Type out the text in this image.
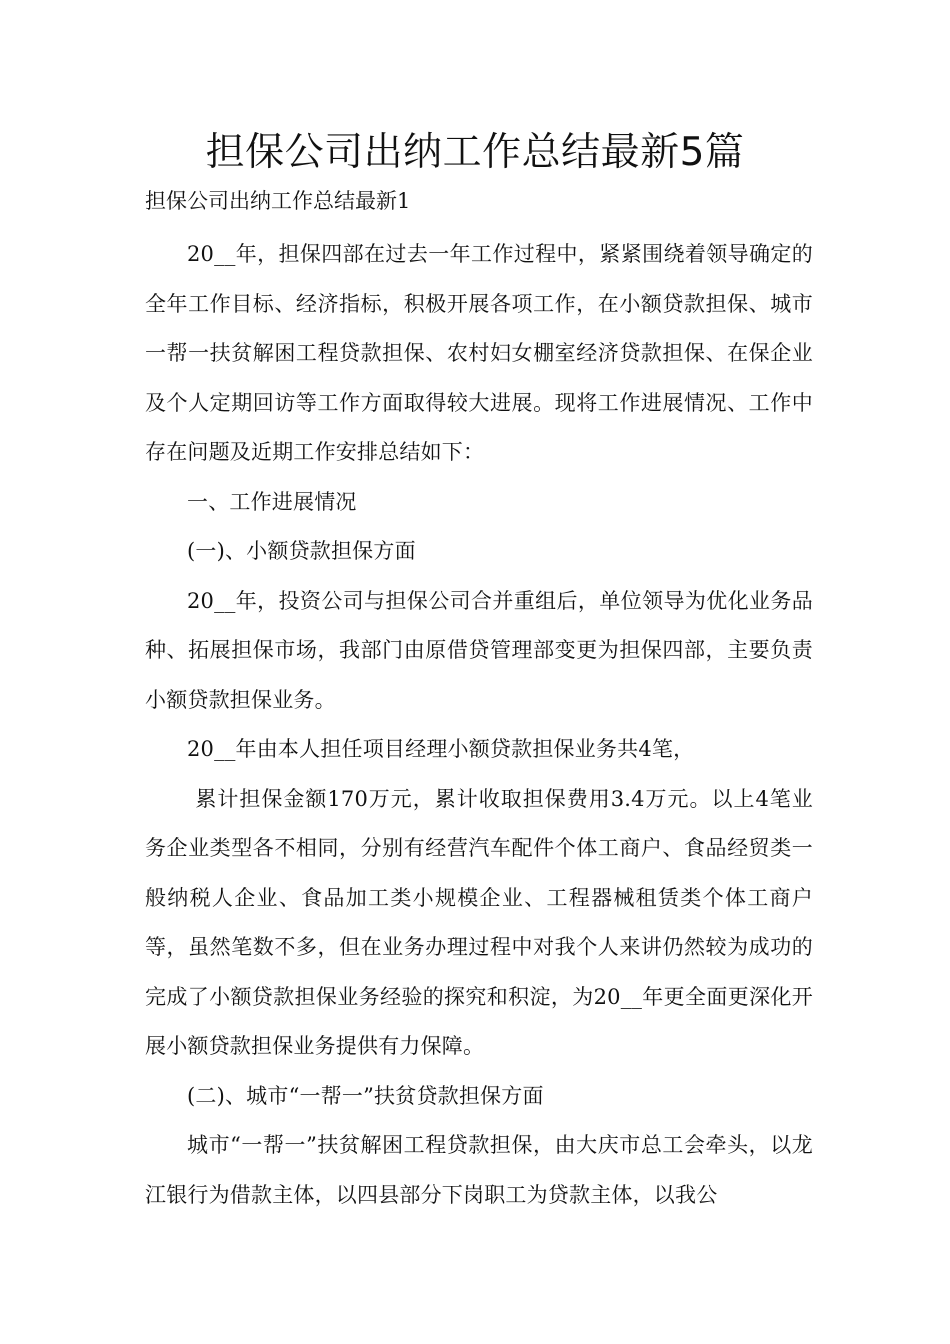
担保公司出纳工作总结最新5篇
担保公司出纳工作总结最新1

20__年，担保四部在过去一年工作过程中，紧紧围绕着领导确定的全年工作目标、经济指标，积极开展各项工作，在小额贷款担保、城市一帮一扶贫解困工程贷款担保、农村妇女棚室经济贷款担保、在保企业及个人定期回访等工作方面取得较大进展。现将工作进展情况、工作中存在问题及近期工作安排总结如下：

一、工作进展情况

(一)、小额贷款担保方面

20__年，投资公司与担保公司合并重组后，单位领导为优化业务品种、拓展担保市场，我部门由原借贷管理部变更为担保四部，主要负责小额贷款担保业务。

20__年由本人担任项目经理小额贷款担保业务共4笔，

累计担保金额170万元，累计收取担保费用3.4万元。以上4笔业务企业类型各不相同，分别有经营汽车配件个体工商户、食品经贸类一般纳税人企业、食品加工类小规模企业、工程器械租赁类个体工商户等，虽然笔数不多，但在业务办理过程中对我个人来讲仍然较为成功的完成了小额贷款担保业务经验的探究和积淀，为20__年更全面更深化开展小额贷款担保业务提供有力保障。

(二)、城市“一帮一”扶贫贷款担保方面

城市“一帮一”扶贫解困工程贷款担保，由大庆市总工会牵头，以龙江银行为借款主体，以四县部分下岗职工为贷款主体，以我公
